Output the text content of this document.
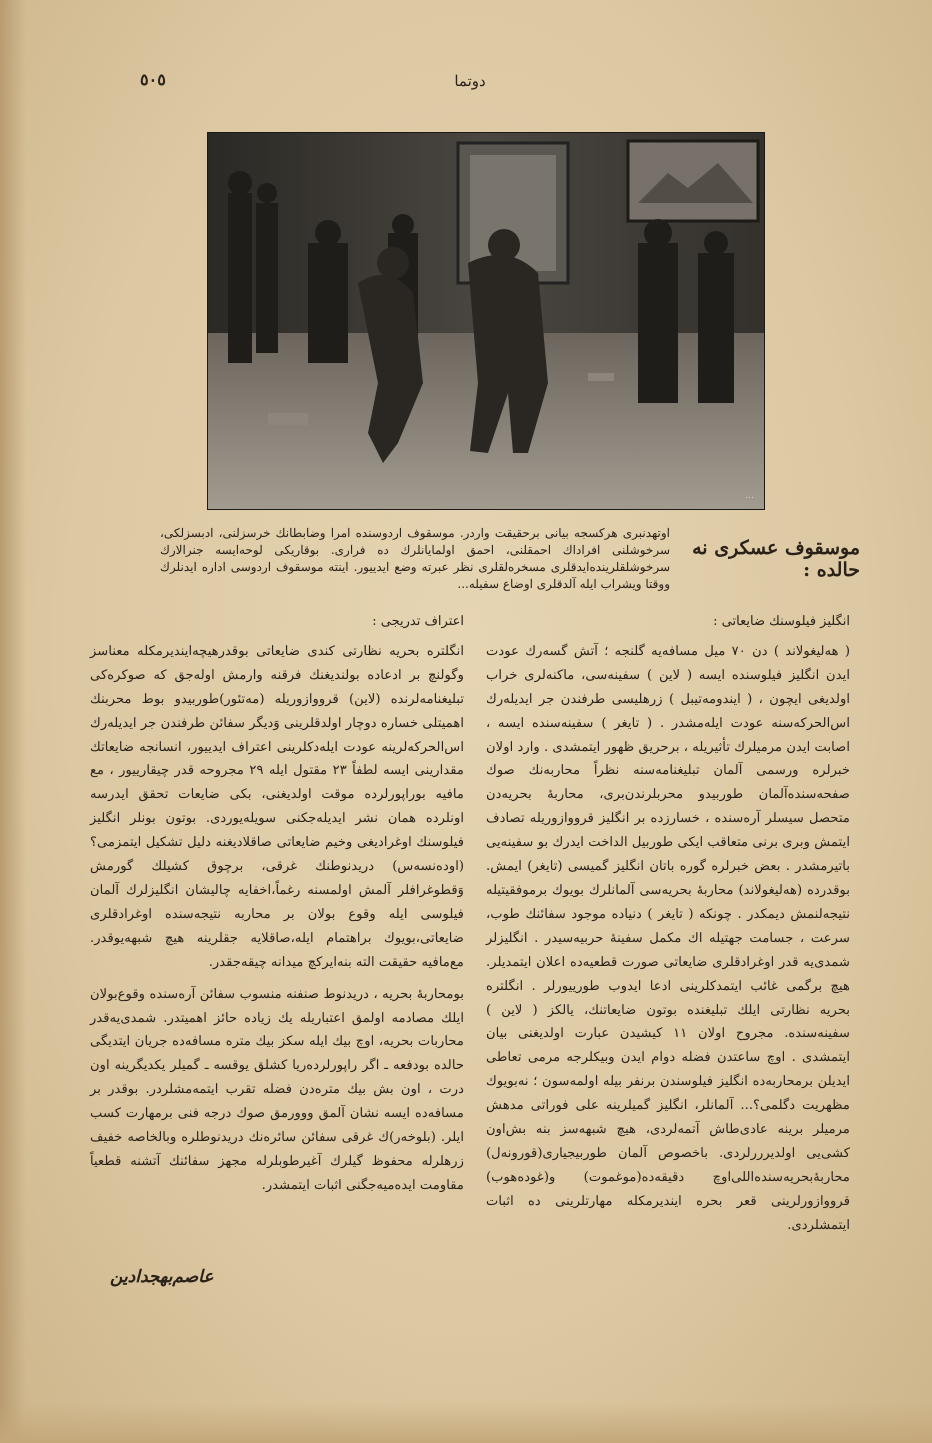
٥٠٥	دوتما
...
موسقوف عسكری نه حالده :
اوتهدنبری هركسجه بیانی برحقیقت واردر. موسقوف اردوسنده امرا وضابطانك خرسزلنی، ادبسزلکی، سرخوشلنی افراداك احمقلنی، احمق اولمایانلرك ده فراری. بوقاریكی لوحه‌ایسه جنرالارك سرخوشلقلرینده‌ایدقلری مسخره‌لقلری نظر عبرته وضع ایدییور. اینته موسقوف اردوسی اداره ایدنلرك ووقتا ویشراب ایله آلدقلری اوضاع سفیله...
انگلیز فیلوسنك ضایعاتی :

( هه‌لیغولاند ) دن ۷۰ میل مسافه‌یه گلنجه ؛ آتش گسه‌رك عودت ایدن انگلیز فیلوسنده ایسه ( لاین ) سفینه‌سی، ماکنه‌لری خراب اولدیغی ایچون ، ( ایندومه‌تیبل ) زرهلیسی طرفندن جر ایدیله‌رك اس‌الحركه‌سنه عودت ایله‌مشدر . ( تایغر ) سفینه‌سنده ایسه ، اصابت ایدن مرمیلرك تأثیریله ، برحریق ظهور ایتمشدی . وارد اولان خبرلره ورسمی آلمان تبلیغنامه‌سنه نظراً محاربه‌نك صوك صفحه‌سنده‌آلمان طوربیدو محربلرندن‌بری، محاربهٔ بحریه‌دن متحصل سیسلر آره‌سنده ، خسارزده بر انگلیز قرووازوریله تصادف ایتمش وبری برنی متعاقب ایكی طوربیل الداخت ایدرك بو سفینه‌یی باتیرمشدر . بعض خبرلره گوره باتان انگلیز گمیسی (تایغر) ایمش. بوقدرده (هه‌لیغولاند) محاربهٔ بحریه‌سی آلمانلرك بویوك برموفقیتیله نتیجه‌لنمش دیمكدر . چونكه ( تایغر ) دنیاده موجود سفائنك طوب، سرعت ، جسامت جهتیله اك مكمل سفینهٔ حربیه‌سیدر . انگلیزلر شمدی‌یه قدر اوغرادقلری ضایعاتی صورت قطعیه‌ده اعلان ایتمدیلر. هیچ برگمی غائب ایتمدكلرینی ادعا ایدوب طورییورلر . انگلتره بحریه نظارتی ایلك تبلیغنده بوتون ضایعاتنك، یالكز ( لاین ) سفینه‌سنده. مجروح اولان ۱۱ كیشیدن عبارت اولدیغنی بیان ایتمشدی . اوچ ساعتدن فضله دوام ایدن وبیكلرجه مرمی تعاطی ایدیلن برمحاربه‌ده انگلیز فیلوسندن برنفر بیله اولمه‌سون ؛ نه‌بویوك مظهریت دگلمی؟... آلمانلر، انگلیز گمیلرینه علی فوراتی مدهش مرمیلر برینه عادی‌طاش آتمه‌لردی، هیچ شبهه‌سز بنه بش‌اون كشی‌یی اولدیرررلردی. باخصوص آلمان طوربیجیاری(قورونه‌ل) محاربهٔ‌بحریه‌سنده‌اللی‌اوچ دقیقه‌ده(موغموت) و(غوده‌هوب) قرووازورلرینی قعر بحره ایندیرمكله مهارتلرینی ده اثبات ایتمشلردی.

اعتراف تدریجی :

انگلتره بحریه نظارتی كندی ضایعاتی بوقدرهیچه‌ایندیرمكله معناسز وگولنچ بر ادعاده بولندیغنك فرقنه وارمش اوله‌جق كه صوكره‌كی تبلیغنامه‌لرنده (لاین) قرووازوریله (مه‌تئور)طوربیدو بوط محربنك اهمیتلی خساره دوچار اولدقلرینی وَدیگر سفائن طرفندن جر ایدیله‌رك اس‌الحركه‌لرینه عودت ایله‌دكلرینی اعتراف ایدییور، انسانجه ضایعاتك مقدارینی ایسه لطفاً ۲۳ مقتول ایله ۲۹ مجروحه قدر چیقارییور ، مع مافیه بوراپورلرده موقت اولدیغنی، بكی ضایعات تحقق ایدرسه اونلرده همان نشر ایدیله‌جكنی سویله‌یوردی. بوتون بونلر انگلیز فیلوسنك اوغرادیغی وخیم ضایعاتی صاقلادیغنه دلیل تشكیل ایتمزمی؟ (اوده‌نسه‌س) دریدنوطنك غرقی، برچوق كشیلك گورمش وَقطوغرافلر آلمش اولمسنه رغماً،اخفایه چالیشان انگلیزلرك آلمان فیلوسی ایله وقوع بولان بر محاربه نتیجه‌سنده اوغرادقلری ضایعاتی،بویوك براهتمام ایله،صاقلایه جقلرینه هیچ شبهه‌یوقدر. مع‌مافیه حقیقت الته‌ بنه‌ایركچ میدانه چیقه‌جقدر.

بومحاربهٔ بحریه ، دریدنوط صنفنه منسوب سفائن آره‌سنده وقوع‌بولان ایلك مصادمه اولمق اعتباریله یك زیاده حائز اهمیتدر. شمدی‌یه‌قدر محاربات بحریه، اوچ بیك ایله سكز بیك متره مسافه‌ده جریان ایتدیگی حالده بودفعه ـ اگر راپورلرده‌ریا كشلق یوقسه ـ گمیلر یكدیگرینه اون درت ، اون بش بیك متره‌دن فضله تقرب ایتمه‌مشلردر. بوقدر بر مسافه‌ده ایسه نشان آلمق ووورمق صوك درجه فنی برمهارت كسب ایلر. (بلوخه‌ر)ك غرقی سفائن سائره‌نك دریدنوطلره وبالخاصه خفیف زرهلرله محفوظ گیلرك آغیرطوبلرله مجهز سفائنك آتشنه قطعیاً مقاومت ایده‌میه‌جگنی اثبات ایتمشدر.

عاصم‌بهجدادین
